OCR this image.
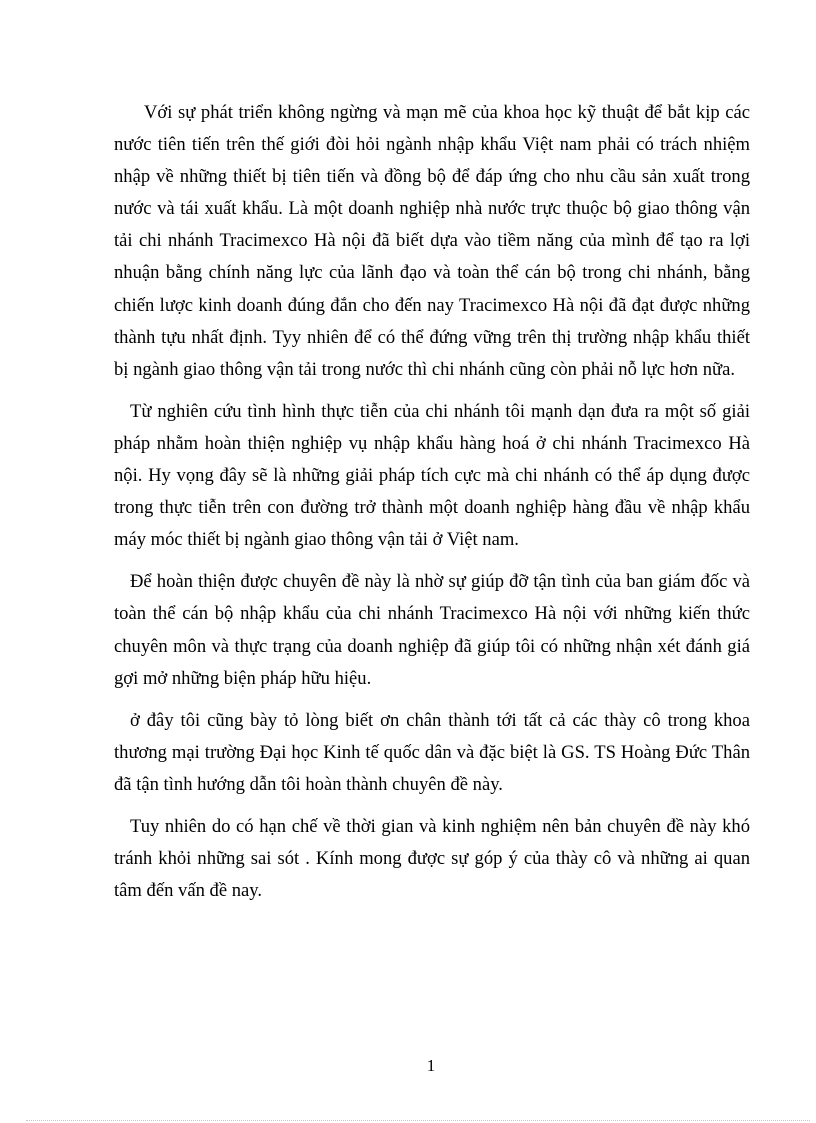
Với sự phát triển không ngừng và mạn mẽ của khoa học kỹ thuật để bắt kịp các nước tiên tiến trên thế giới đòi hỏi ngành nhập khẩu Việt nam phải có trách nhiệm nhập về những thiết bị tiên tiến và đồng bộ để đáp ứng cho nhu cầu sản xuất trong nước và tái xuất khẩu. Là một doanh nghiệp nhà nước trực thuộc bộ giao thông vận tải chi nhánh Tracimexco Hà nội đã biết dựa vào tiềm năng của mình để tạo ra lợi nhuận bằng chính năng lực của lãnh đạo và toàn thể cán bộ trong chi nhánh, bằng chiến lược kinh doanh đúng đắn cho đến nay Tracimexco Hà nội đã đạt được những thành tựu nhất định. Tyy nhiên để có thể đứng vững trên thị trường nhập khẩu thiết bị ngành giao thông vận tải trong nước thì chi nhánh cũng còn phải nỗ lực hơn nữa.

Từ nghiên cứu tình hình thực tiễn của chi nhánh tôi mạnh dạn đưa ra một số giải pháp nhằm hoàn thiện nghiệp vụ nhập khẩu hàng hoá ở chi nhánh Tracimexco Hà nội. Hy vọng đây sẽ là những giải pháp tích cực mà chi nhánh có thể áp dụng được trong thực tiễn trên con đường trở thành một doanh nghiệp hàng đầu về nhập khẩu máy móc thiết bị ngành giao thông vận tải ở Việt nam.

Để hoàn thiện được chuyên đề này là nhờ sự giúp đỡ tận tình của ban giám đốc và toàn thể cán bộ nhập khẩu của chi nhánh Tracimexco Hà nội với những kiến thức chuyên môn và thực trạng của doanh nghiệp đã giúp tôi có những nhận xét đánh giá gợi mở những biện pháp hữu hiệu.

ở đây tôi cũng bày tỏ lòng biết ơn chân thành tới tất cả các thày cô trong khoa thương mại trường Đại học Kinh tế quốc dân và đặc biệt là GS. TS Hoàng Đức Thân đã tận tình hướng dẫn tôi hoàn thành chuyên đề này.

Tuy nhiên do có hạn chế về thời gian và kinh nghiệm nên bản chuyên đề này khó tránh khỏi những sai sót . Kính mong được sự góp ý của thày cô và những ai quan tâm đến vấn đề nay.

1
